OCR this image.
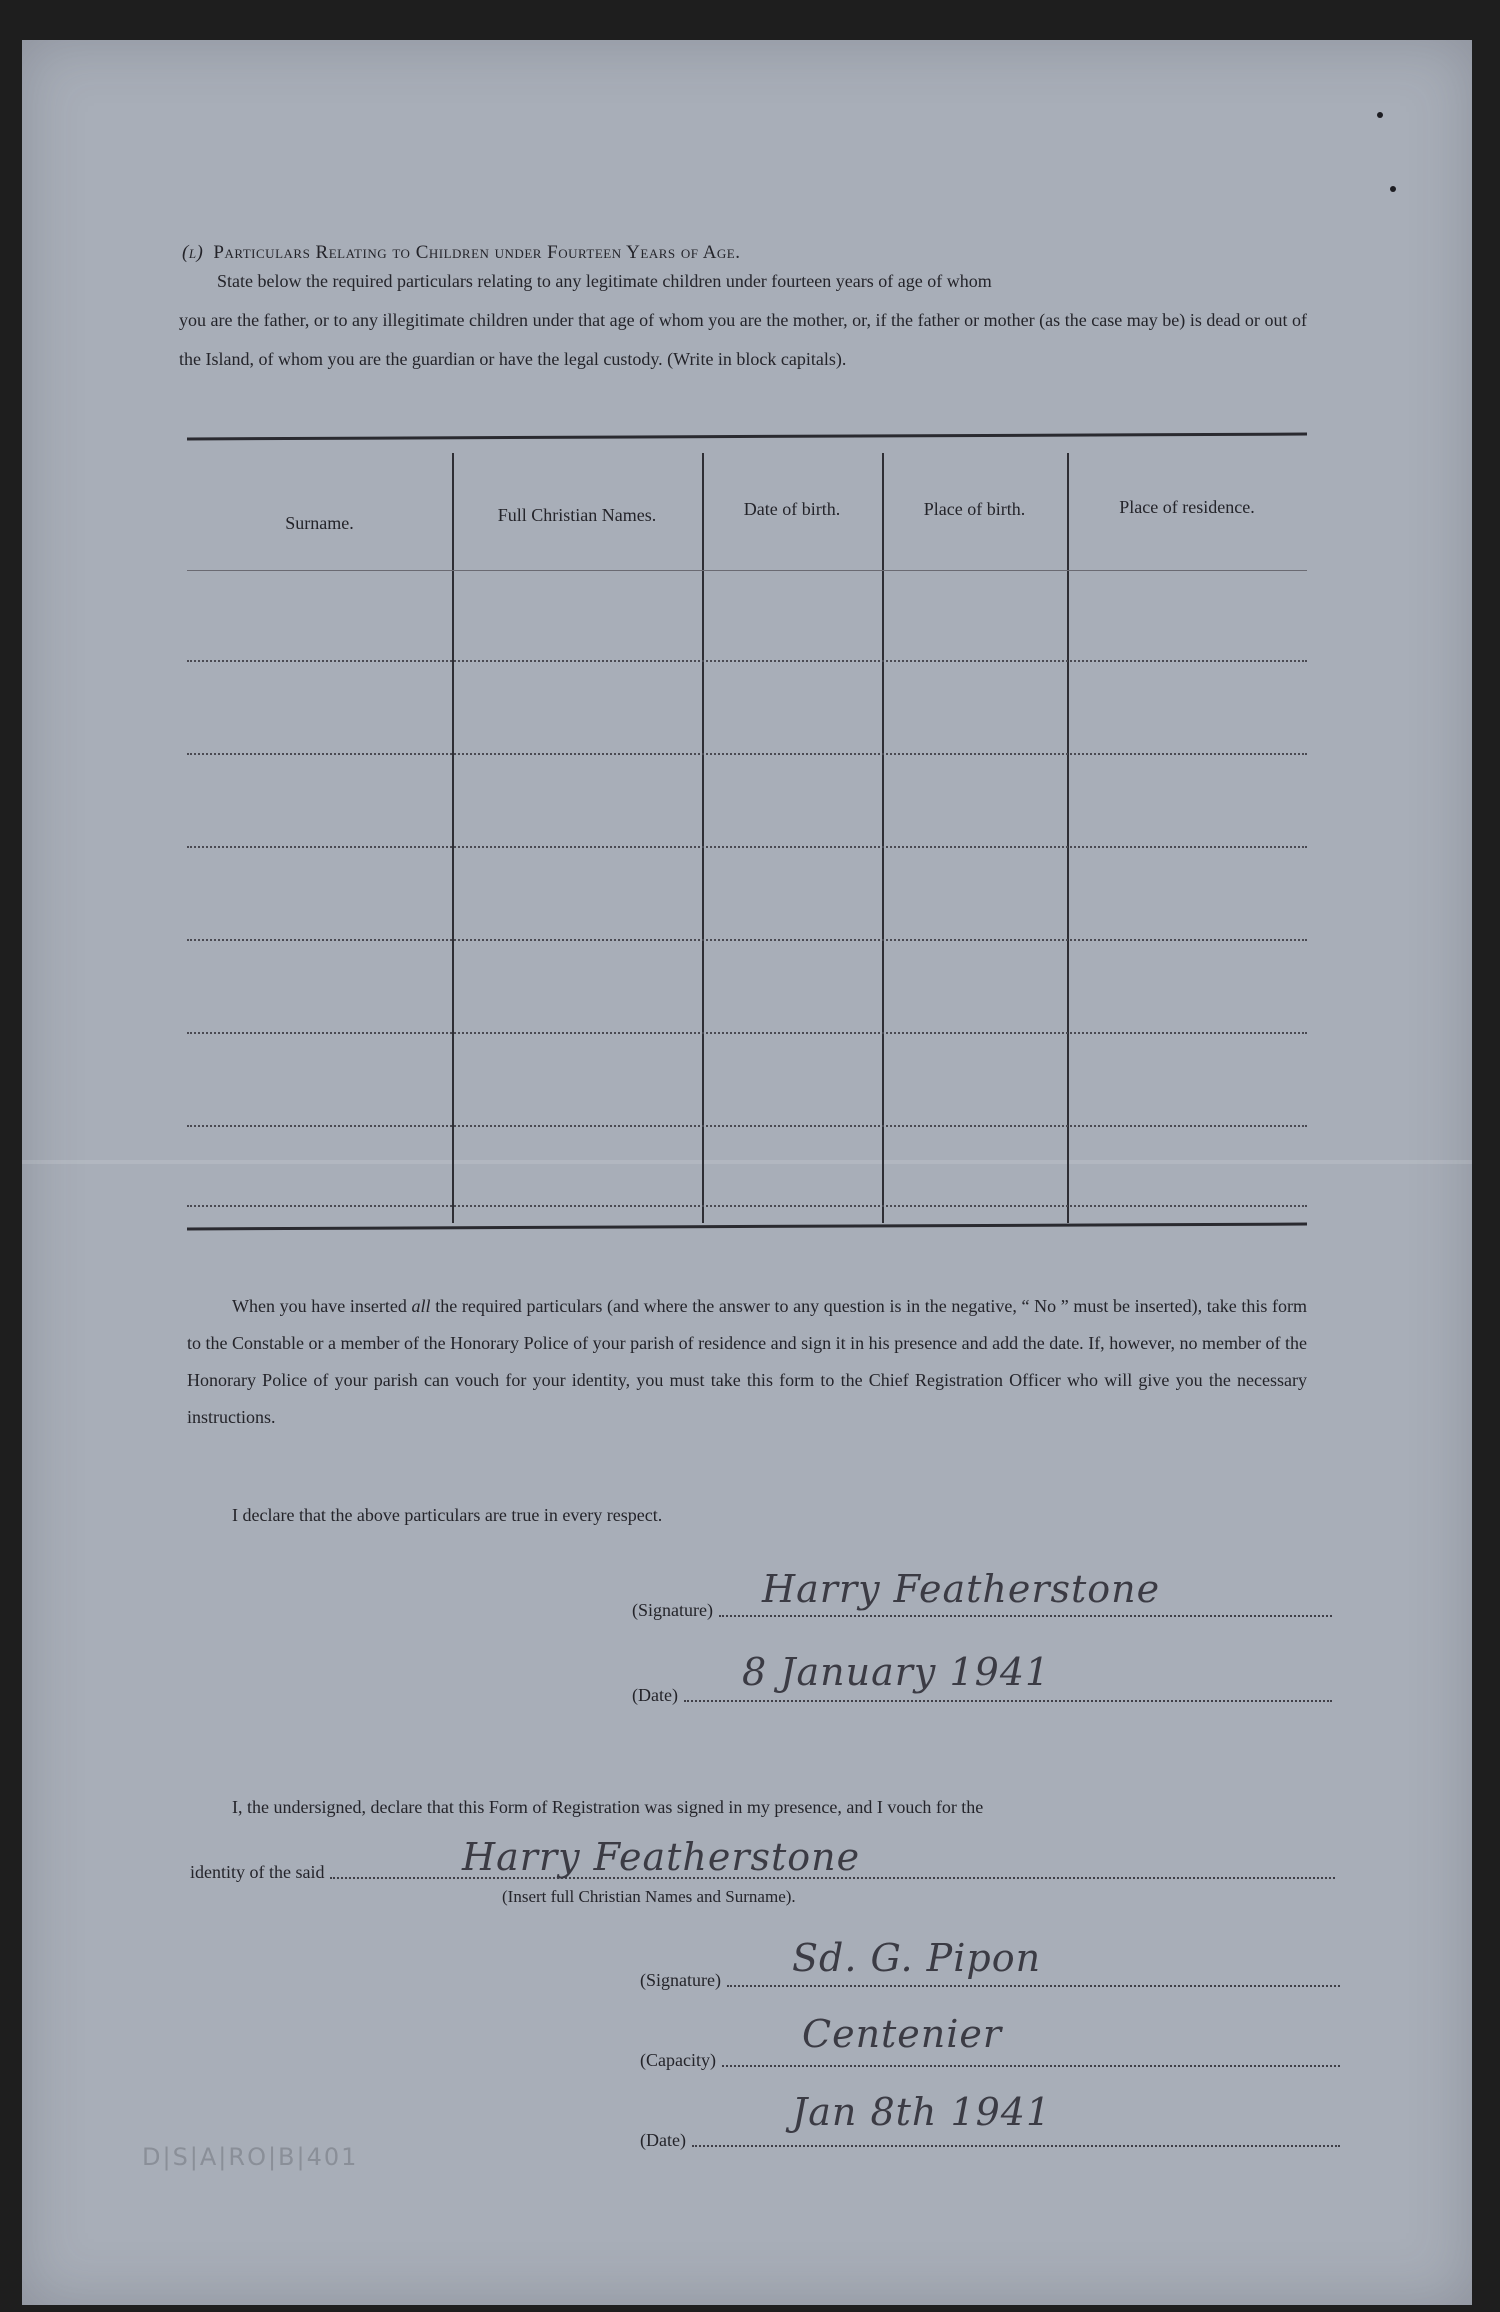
(l) Particulars Relating to Children under Fourteen Years of Age.
State below the required particulars relating to any legitimate children under fourteen years of age of whom
you are the father, or to any illegitimate children under that age of whom you are the mother, or, if the father or mother (as the case may be) is dead or out of the Island, of whom you are the guardian or have the legal custody. (Write in block capitals).
Surname.	Full Christian Names.	Date of birth.	Place of birth.	Place of residence.
When you have inserted all the required particulars (and where the answer to any question is in the negative, “ No ” must be inserted), take this form to the Constable or a member of the Honorary Police of your parish of residence and sign it in his presence and add the date. If, however, no member of the Honorary Police of your parish can vouch for your identity, you must take this form to the Chief Registration Officer who will give you the necessary instructions.
I declare that the above particulars are true in every respect.
(Signature) Harry Featherstone
(Date)
8 January 1941
I, the undersigned, declare that this Form of Registration was signed in my presence, and I vouch for the
identity of the said	Harry Featherstone
(Insert full Christian Names and Surname).
(Signature) Sd. G. Pipon
(Capacity)
Centenier
(Date)
Jan 8th 1941
D|S|A|RO|B|401
